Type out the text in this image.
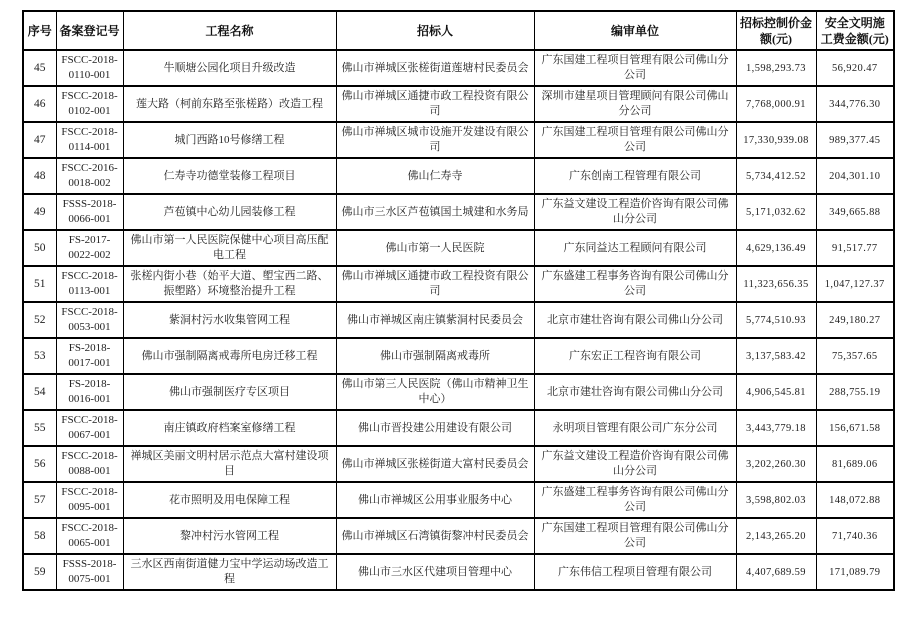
序号	备案登记号	工程名称	招标人	编审单位	招标控制价金额(元)	安全文明施工费金额(元)
45	FSCC-2018-0110-001	牛顺塘公园化项目升级改造	佛山市禅城区张槎街道莲塘村民委员会	广东国建工程项目管理有限公司佛山分公司	1,598,293.73	56,920.47
46	FSCC-2018-0102-001	莲大路（柯前东路至张槎路）改造工程	佛山市禅城区通捷市政工程投资有限公司	深圳市建星项目管理顾问有限公司佛山分公司	7,768,000.91	344,776.30
47	FSCC-2018-0114-001	城门西路10号修缮工程	佛山市禅城区城市设施开发建设有限公司	广东国建工程项目管理有限公司佛山分公司	17,330,939.08	989,377.45
48	FSCC-2016-0018-002	仁寿寺功德堂装修工程项目	佛山仁寿寺	广东创南工程管理有限公司	5,734,412.52	204,301.10
49	FSSS-2018-0066-001	芦苞镇中心幼儿园装修工程	佛山市三水区芦苞镇国土城建和水务局	广东益文建设工程造价咨询有限公司佛山分公司	5,171,032.62	349,665.88
50	FS-2017-0022-002	佛山市第一人民医院保健中心项目高压配电工程	佛山市第一人民医院	广东同益达工程顾问有限公司	4,629,136.49	91,517.77
51	FSCC-2018-0113-001	张槎内街小巷（始平大道、塱宝西二路、振塱路）环境整治提升工程	佛山市禅城区通捷市政工程投资有限公司	广东盛建工程事务咨询有限公司佛山分公司	11,323,656.35	1,047,127.37
52	FSCC-2018-0053-001	紫洞村污水收集管网工程	佛山市禅城区南庄镇紫洞村民委员会	北京市建壮咨询有限公司佛山分公司	5,774,510.93	249,180.27
53	FS-2018-0017-001	佛山市强制隔离戒毒所电房迁移工程	佛山市强制隔离戒毒所	广东宏正工程咨询有限公司	3,137,583.42	75,357.65
54	FS-2018-0016-001	佛山市强制医疗专区项目	佛山市第三人民医院（佛山市精神卫生中心）	北京市建壮咨询有限公司佛山分公司	4,906,545.81	288,755.19
55	FSCC-2018-0067-001	南庄镇政府档案室修缮工程	佛山市晋投建公用建设有限公司	永明项目管理有限公司广东分公司	3,443,779.18	156,671.58
56	FSCC-2018-0088-001	禅城区美丽文明村居示范点大富村建设项目	佛山市禅城区张槎街道大富村民委员会	广东益文建设工程造价咨询有限公司佛山分公司	3,202,260.30	81,689.06
57	FSCC-2018-0095-001	花市照明及用电保障工程	佛山市禅城区公用事业服务中心	广东盛建工程事务咨询有限公司佛山分公司	3,598,802.03	148,072.88
58	FSCC-2018-0065-001	黎冲村污水管网工程	佛山市禅城区石湾镇街黎冲村民委员会	广东国建工程项目管理有限公司佛山分公司	2,143,265.20	71,740.36
59	FSSS-2018-0075-001	三水区西南街道健力宝中学运动场改造工程	佛山市三水区代建项目管理中心	广东伟信工程项目管理有限公司	4,407,689.59	171,089.79
